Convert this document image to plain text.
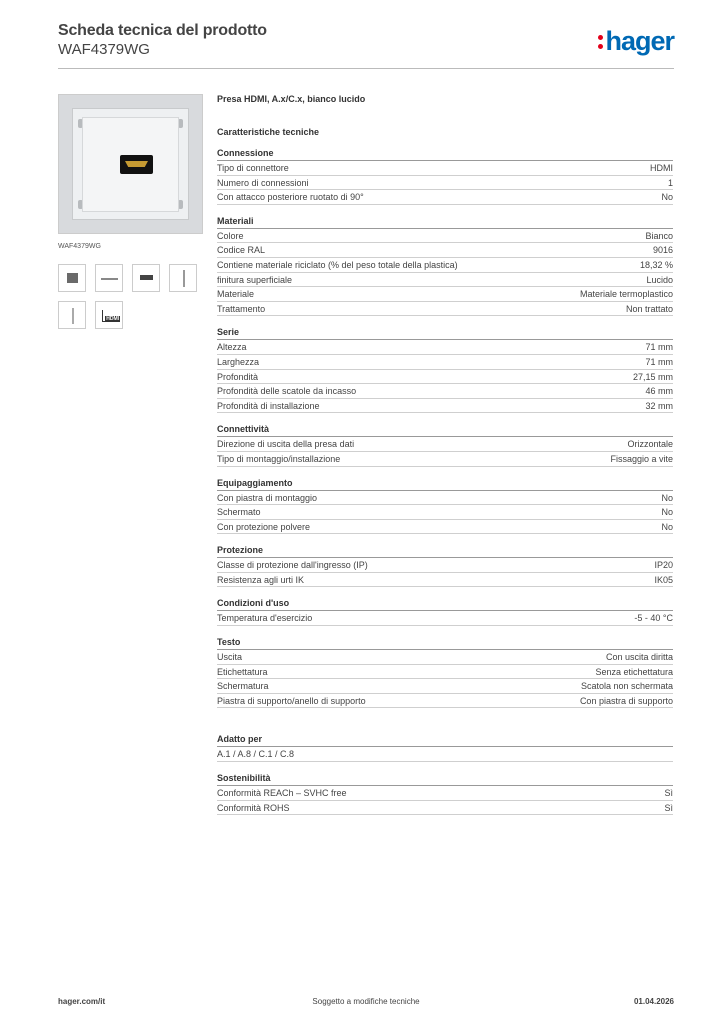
Scheda tecnica del prodotto
WAF4379WG	hager
WAF4379WG
HDMI
Presa HDMI, A.x/C.x, bianco lucido
Caratteristiche tecniche
Connessione
Tipo di connettore	HDMI
Numero di connessioni	1
Con attacco posteriore ruotato di 90°	No
Materiali
Colore	Bianco
Codice RAL	9016
Contiene materiale riciclato (% del peso totale della plastica)	18,32 %
finitura superficiale	Lucido
Materiale	Materiale termoplastico
Trattamento	Non trattato
Serie
Altezza	71 mm
Larghezza	71 mm
Profondità	27,15 mm
Profondità delle scatole da incasso	46 mm
Profondità di installazione	32 mm
Connettività
Direzione di uscita della presa dati	Orizzontale
Tipo di montaggio/installazione	Fissaggio a vite
Equipaggiamento
Con piastra di montaggio	No
Schermato	No
Con protezione polvere	No
Protezione
Classe di protezione dall'ingresso (IP)	IP20
Resistenza agli urti IK	IK05
Condizioni d'uso
Temperatura d'esercizio	-5 - 40 °C
Testo
Uscita	Con uscita diritta
Etichettatura	Senza etichettatura
Schermatura	Scatola non schermata
Piastra di supporto/anello di supporto	Con piastra di supporto
Adatto per
A.1 / A.8 / C.1 / C.8
Sostenibilità
Conformità REACh – SVHC free	Sì
Conformità ROHS	Sì
hager.com/it	Soggetto a modifiche tecniche	01.04.2026
